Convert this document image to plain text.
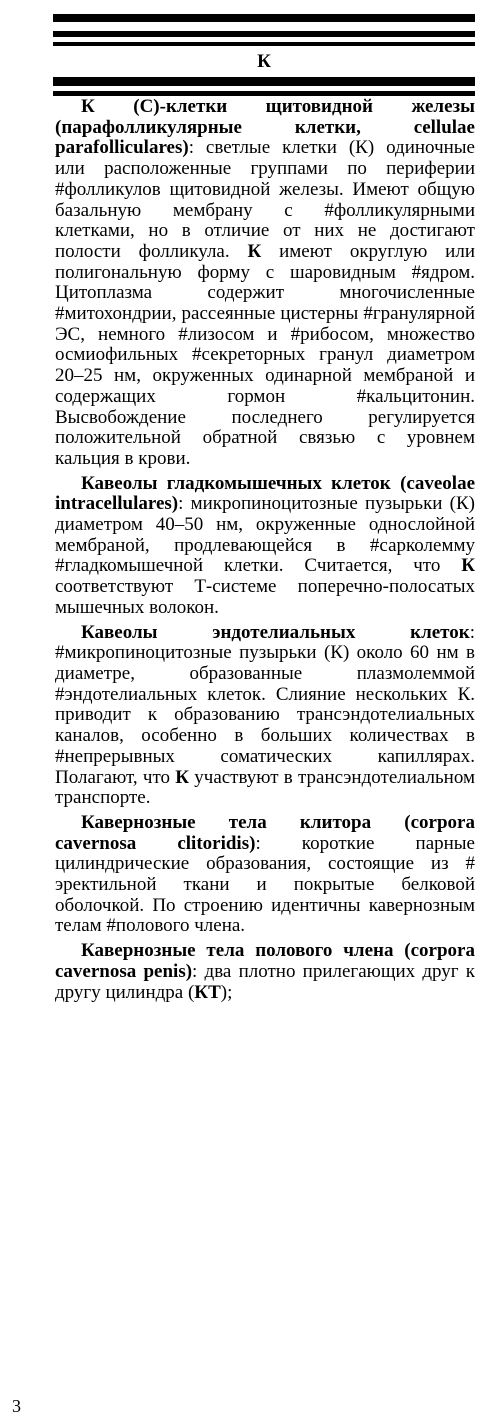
К

К (С)-клетки щитовидной железы (парафолликулярные клетки, cellulae parafolliculares): светлые клетки (К) одиночные или расположенные группами по периферии #фолликулов щитовидной железы. Имеют общую базальную мембрану с #фолликулярными клетками, но в отличие от них не достигают полости фолликула. К имеют округлую или полигональную форму с шаровидным #ядром. Цитоплазма содержит многочисленные #митохондрии, рассеянные цистерны #гранулярной ЭС, немного #лизосом и #рибосом, множество осмиофильных #секреторных гранул диаметром 20–25 нм, окруженных одинарной мембраной и содержащих гормон #кальцитонин. Высвобождение последнего регулируется положительной обратной связью с уровнем кальция в крови.

Кавеолы гладкомышечных клеток (caveolae intracellulares): микропиноцитозные пузырьки (К) диаметром 40–50 нм, окруженные однослойной мембраной, продлевающейся в #сарколемму #гладкомышечной клетки. Считается, что К соответствуют Т-системе поперечно-полосатых мышечных волокон.

Кавеолы эндотелиальных клеток: #микропиноцитозные пузырьки (К) около 60 нм в диаметре, образованные плазмолеммой #эндотелиальных клеток. Слияние нескольких К. приводит к образованию трансэндотелиальных каналов, особенно в больших количествах в #непрерывных соматических капиллярах. Полагают, что К участвуют в трансэндотелиальном транспорте.

Кавернозные тела клитора (corpora cavernosa clitoridis): короткие парные цилиндрические образования, состоящие из # эректильной ткани и покрытые белковой оболочкой. По строению идентичны кавернозным телам #полового члена.

Кавернозные тела полового члена (corpora cavernosa penis): два плотно прилегающих друг к другу цилиндра (КТ);

3
